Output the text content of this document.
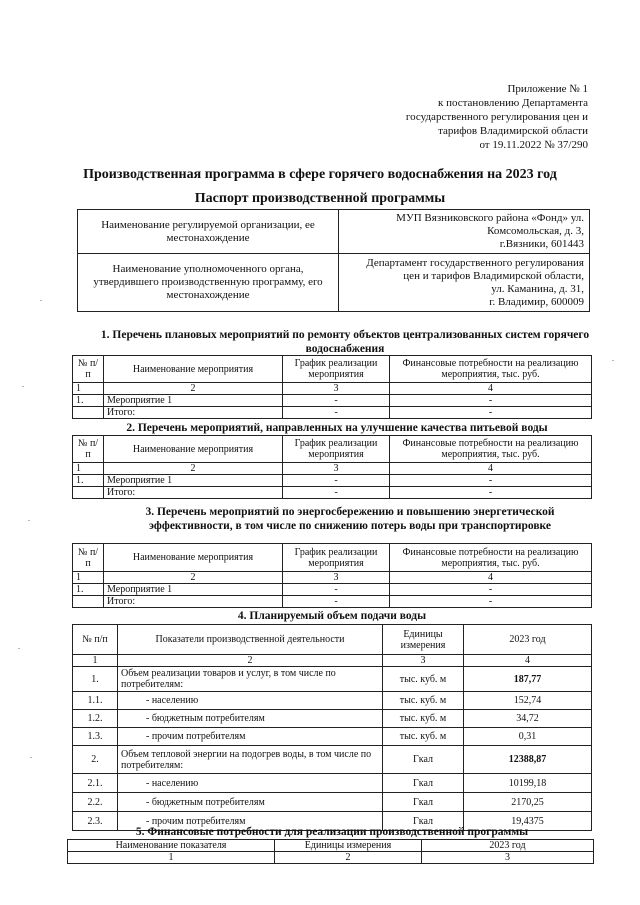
Приложение № 1
к постановлению Департамента
государственного регулирования цен и
тарифов Владимирской области
от 19.11.2022 № 37/290
Производственная программа в сфере горячего водоснабжения на 2023 год
Паспорт производственной программы
Наименование регулируемой организации, ее местонахождение	МУП Вязниковского района «Фонд» ул.
Комсомольская, д. 3,
г.Вязники, 601443

Наименование уполномоченного органа, утвердившего производственную программу, его местонахождение	Департамент государственного регулирования
цен и тарифов Владимирской области,
ул. Каманина, д. 31,
г. Владимир, 600009
1. Перечень плановых мероприятий по ремонту объектов централизованных систем горячего водоснабжения
№ п/п	Наименование мероприятия	График реализации мероприятия	Финансовые потребности на реализацию мероприятия, тыс. руб.
1	2	3	4
1.	Мероприятие 1	-	-
	Итого:	-	-
2. Перечень мероприятий, направленных на улучшение качества питьевой воды
№ п/п	Наименование мероприятия	График реализации мероприятия	Финансовые потребности на реализацию мероприятия, тыс. руб.
1	2	3	4
1.	Мероприятие 1	-	-
	Итого:	-	-
3. Перечень мероприятий по энергосбережению и повышению энергетической эффективности, в том числе по снижению потерь воды при транспортировке
№ п/п	Наименование мероприятия	График реализации мероприятия	Финансовые потребности на реализацию мероприятия, тыс. руб.
1	2	3	4
1.	Мероприятие 1	-	-
	Итого:	-	-
4. Планируемый объем подачи воды
№ п/п	Показатели производственной деятельности	Единицы измерения	2023 год
1	2	3	4
1.	Объем реализации товаров и услуг, в том числе по потребителям:	тыс. куб. м	187,77
1.1.	- населению	тыс. куб. м	152,74
1.2.	- бюджетным потребителям	тыс. куб. м	34,72
1.3.	- прочим потребителям	тыс. куб. м	0,31
2.	Объем тепловой энергии на подогрев воды, в том числе по потребителям:	Гкал	12388,87
2.1.	- населению	Гкал	10199,18
2.2.	- бюджетным потребителям	Гкал	2170,25
2.3.	- прочим потребителям	Гкал	19,4375
5. Финансовые потребности для реализации производственной программы
Наименование показателя	Единицы измерения	2023 год
1	2	3
